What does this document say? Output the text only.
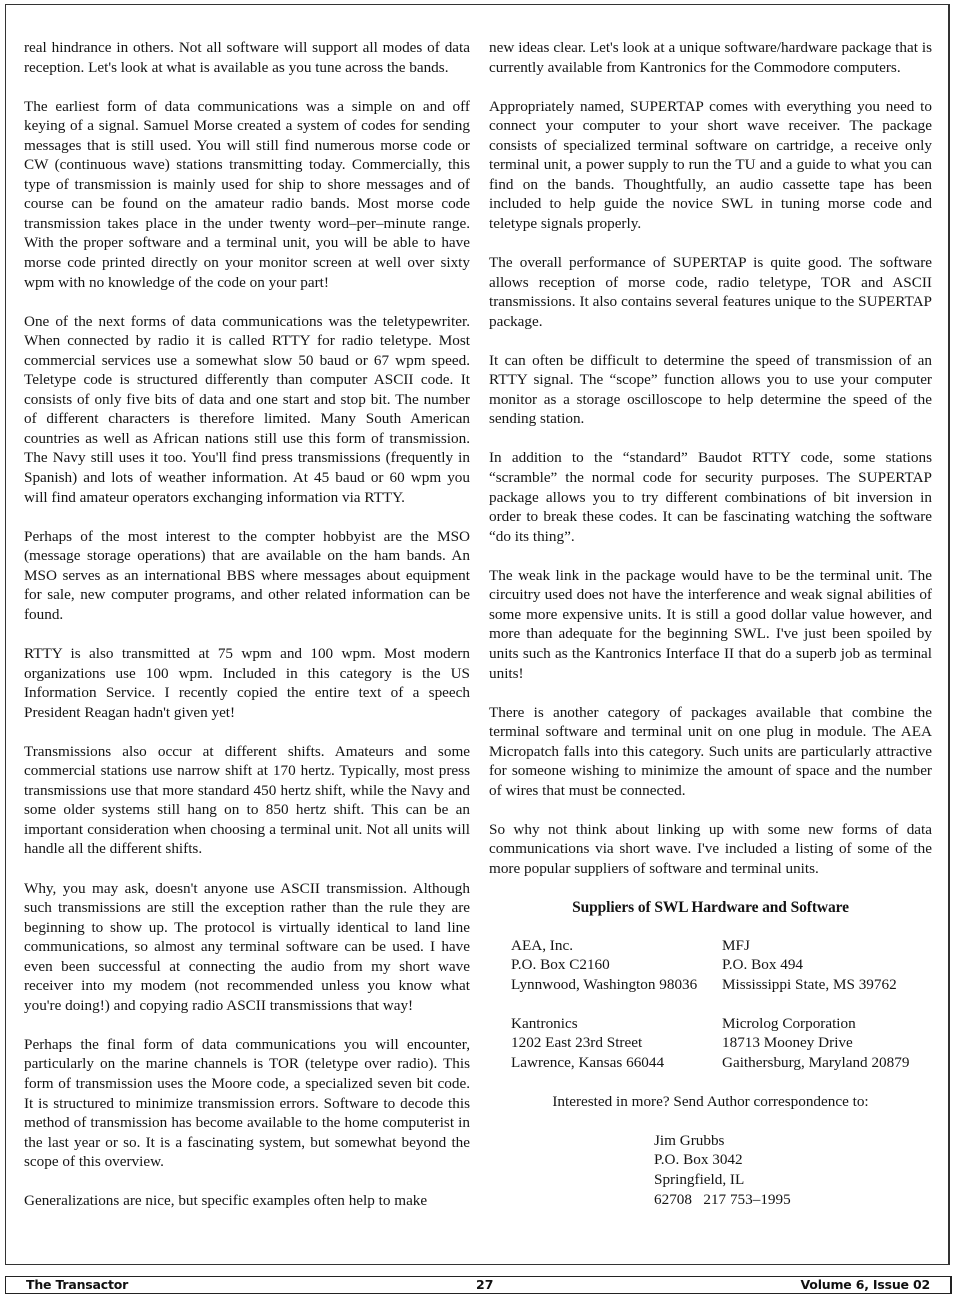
real hindrance in others. Not all software will support all modes of data reception. Let's look at what is available as you tune across the bands.

The earliest form of data communications was a simple on and off keying of a signal. Samuel Morse created a system of codes for sending messages that is still used. You will still find numerous morse code or CW (continuous wave) stations transmitting today. Commercially, this type of transmission is mainly used for ship to shore messages and of course can be found on the amateur radio bands. Most morse code transmission takes place in the under twenty word–per–minute range. With the proper software and a terminal unit, you will be able to have morse code printed directly on your monitor screen at well over sixty wpm with no knowledge of the code on your part!

One of the next forms of data communications was the teletypewriter. When connected by radio it is called RTTY for radio teletype. Most commercial services use a somewhat slow 50 baud or 67 wpm speed. Teletype code is structured differently than computer ASCII code. It consists of only five bits of data and one start and stop bit. The number of different characters is therefore limited. Many South American countries as well as African nations still use this form of transmission. The Navy still uses it too. You'll find press transmissions (frequently in Spanish) and lots of weather information. At 45 baud or 60 wpm you will find amateur operators exchanging information via RTTY.

Perhaps of the most interest to the compter hobbyist are the MSO (message storage operations) that are available on the ham bands. An MSO serves as an international BBS where messages about equipment for sale, new computer programs, and other related information can be found.

RTTY is also transmitted at 75 wpm and 100 wpm. Most modern organizations use 100 wpm. Included in this category is the US Information Service. I recently copied the entire text of a speech President Reagan hadn't given yet!

Transmissions also occur at different shifts. Amateurs and some commercial stations use narrow shift at 170 hertz. Typically, most press transmissions use that more standard 450 hertz shift, while the Navy and some older systems still hang on to 850 hertz shift. This can be an important consideration when choosing a terminal unit. Not all units will handle all the different shifts.

Why, you may ask, doesn't anyone use ASCII transmission. Although such transmissions are still the exception rather than the rule they are beginning to show up. The protocol is virtually identical to land line communications, so almost any terminal software can be used. I have even been successful at connecting the audio from my short wave receiver into my modem (not recommended unless you know what you're doing!) and copying radio ASCII transmissions that way!

Perhaps the final form of data communications you will encounter, particularly on the marine channels is TOR (teletype over radio). This form of transmission uses the Moore code, a specialized seven bit code. It is structured to minimize transmission errors. Software to decode this method of transmission has become available to the home computerist in the last year or so. It is a fascinating system, but somewhat beyond the scope of this overview.

Generalizations are nice, but specific examples often help to make

new ideas clear. Let's look at a unique software/hardware package that is currently available from Kantronics for the Commodore computers.

Appropriately named, SUPERTAP comes with everything you need to connect your computer to your short wave receiver. The package consists of specialized terminal software on cartridge, a receive only terminal unit, a power supply to run the TU and a guide to what you can find on the bands. Thoughtfully, an audio cassette tape has been included to help guide the novice SWL in tuning morse code and teletype signals properly.

The overall performance of SUPERTAP is quite good. The software allows reception of morse code, radio teletype, TOR and ASCII transmissions. It also contains several features unique to the SUPERTAP package.

It can often be difficult to determine the speed of transmission of an RTTY signal. The “scope” function allows you to use your computer monitor as a storage oscilloscope to help determine the speed of the sending station.

In addition to the “standard” Baudot RTTY code, some stations “scramble” the normal code for security purposes. The SUPERTAP package allows you to try different combinations of bit inversion in order to break these codes. It can be fascinating watching the software “do its thing”.

The weak link in the package would have to be the terminal unit. The circuitry used does not have the interference and weak signal abilities of some more expensive units. It is still a good dollar value however, and more than adequate for the beginning SWL. I've just been spoiled by units such as the Kantronics Interface II that do a superb job as terminal units!

There is another category of packages available that combine the terminal software and terminal unit on one plug in module. The AEA Micropatch falls into this category. Such units are particularly attractive for someone wishing to minimize the amount of space and the number of wires that must be connected.

So why not think about linking up with some new forms of data communications via short wave. I've included a listing of some of the more popular suppliers of software and terminal units.

Suppliers of SWL Hardware and Software
AEA, Inc.
P.O. Box C2160
Lynnwood, Washington 98036
MFJ
P.O. Box 494
Mississippi State, MS 39762
Kantronics
1202 East 23rd Street
Lawrence, Kansas 66044
Microlog Corporation
18713 Mooney Drive
Gaithersburg, Maryland 20879
Interested in more? Send Author correspondence to:
Jim Grubbs
P.O. Box 3042
Springfield, IL
62708   217 753–1995
The Transactor	27	Volume 6, Issue 02
